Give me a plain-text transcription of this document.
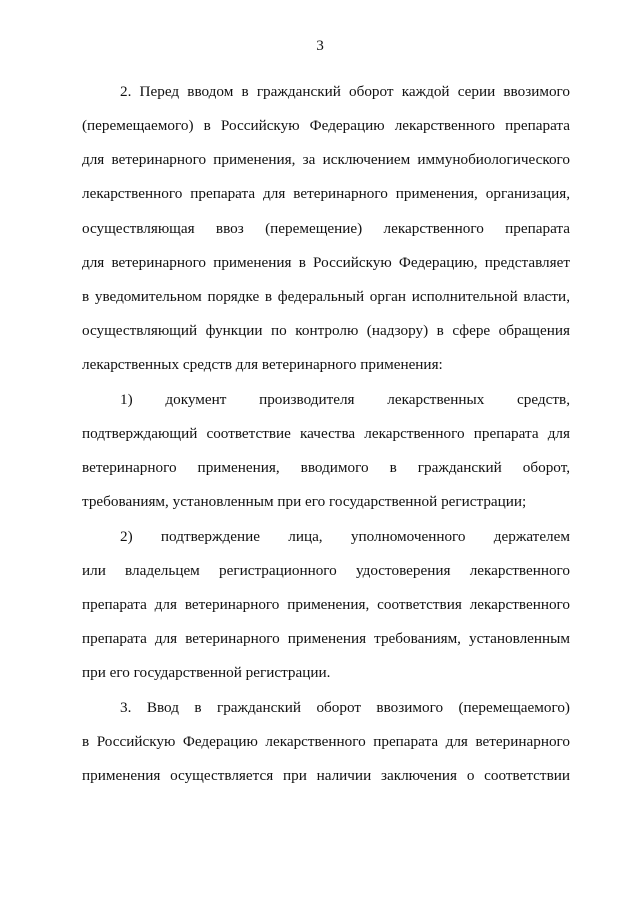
3
2. Перед вводом в гражданский оборот каждой серии ввозимого
(перемещаемого) в Российскую Федерацию лекарственного препарата
для ветеринарного применения, за исключением иммунобиологического
лекарственного препарата для ветеринарного применения, организация,
осуществляющая ввоз (перемещение) лекарственного препарата
для ветеринарного применения в Российскую Федерацию, представляет
в уведомительном порядке в федеральный орган исполнительной власти,
осуществляющий функции по контролю (надзору) в сфере обращения
лекарственных средств для ветеринарного применения:
1) документ производителя лекарственных средств,
подтверждающий соответствие качества лекарственного препарата для
ветеринарного применения, вводимого в гражданский оборот,
требованиям, установленным при его государственной регистрации;
2) подтверждение лица, уполномоченного держателем
или владельцем регистрационного удостоверения лекарственного
препарата для ветеринарного применения, соответствия лекарственного
препарата для ветеринарного применения требованиям, установленным
при его государственной регистрации.
3. Ввод в гражданский оборот ввозимого (перемещаемого)
в Российскую Федерацию лекарственного препарата для ветеринарного
применения осуществляется при наличии заключения о соответствии
